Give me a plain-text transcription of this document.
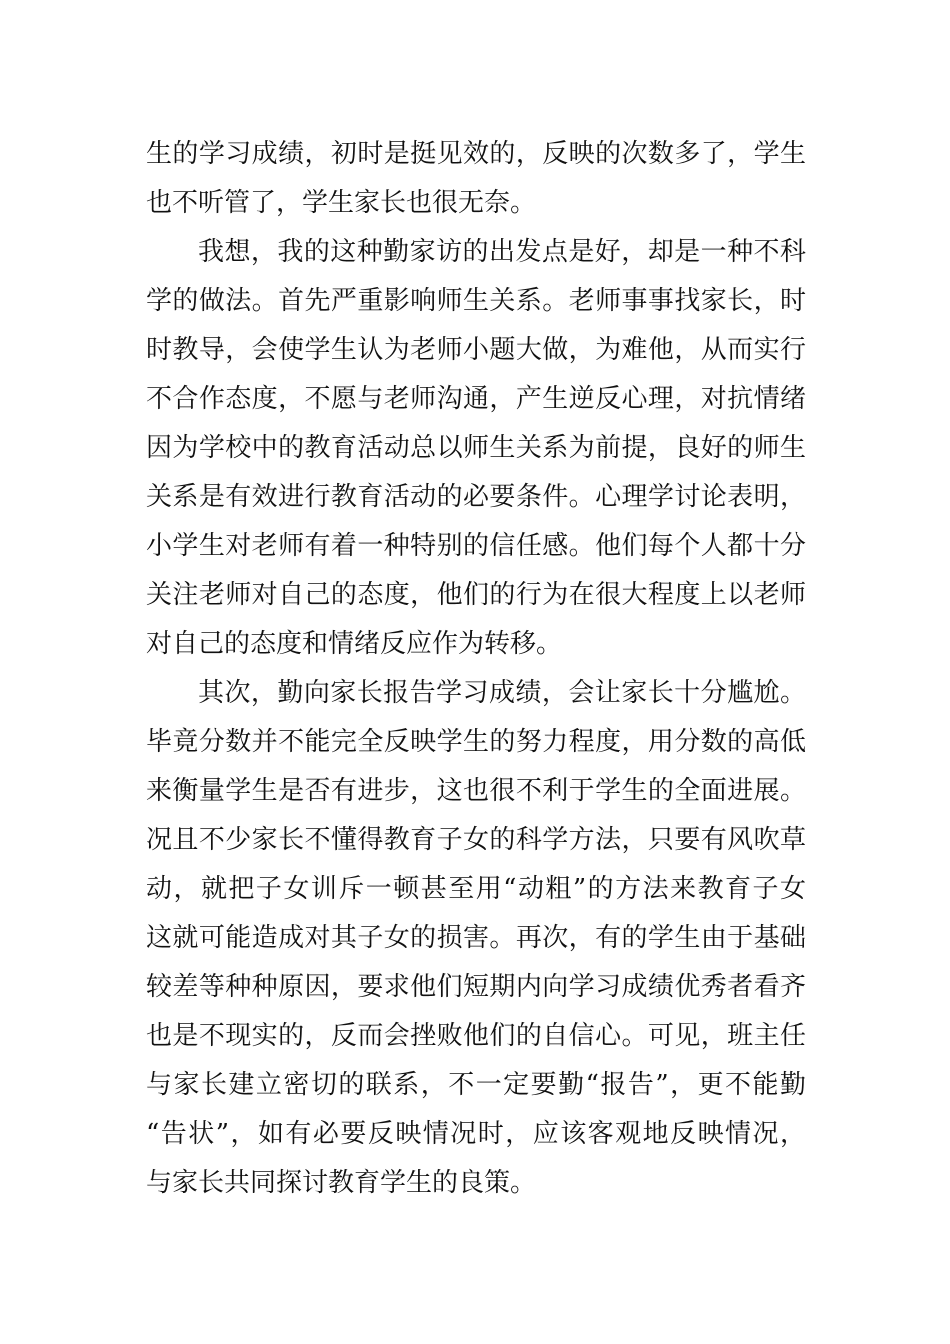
生的学习成绩，初时是挺见效的，反映的次数多了，学生
也不听管了，学生家长也很无奈。
我想，我的这种勤家访的出发点是好，却是一种不科
学的做法。首先严重影响师生关系。老师事事找家长，时
时教导，会使学生认为老师小题大做，为难他，从而实行
不合作态度，不愿与老师沟通，产生逆反心理，对抗情绪
因为学校中的教育活动总以师生关系为前提，良好的师生
关系是有效进行教育活动的必要条件。心理学讨论表明，
小学生对老师有着一种特别的信任感。他们每个人都十分
关注老师对自己的态度，他们的行为在很大程度上以老师
对自己的态度和情绪反应作为转移。
其次，勤向家长报告学习成绩，会让家长十分尴尬。
毕竟分数并不能完全反映学生的努力程度，用分数的高低
来衡量学生是否有进步，这也很不利于学生的全面进展。
况且不少家长不懂得教育子女的科学方法，只要有风吹草
动，就把子女训斥一顿甚至用“动粗”的方法来教育子女
这就可能造成对其子女的损害。再次，有的学生由于基础
较差等种种原因，要求他们短期内向学习成绩优秀者看齐
也是不现实的，反而会挫败他们的自信心。可见，班主任
与家长建立密切的联系，不一定要勤“报告”，更不能勤
“告状”，如有必要反映情况时，应该客观地反映情况，
与家长共同探讨教育学生的良策。
